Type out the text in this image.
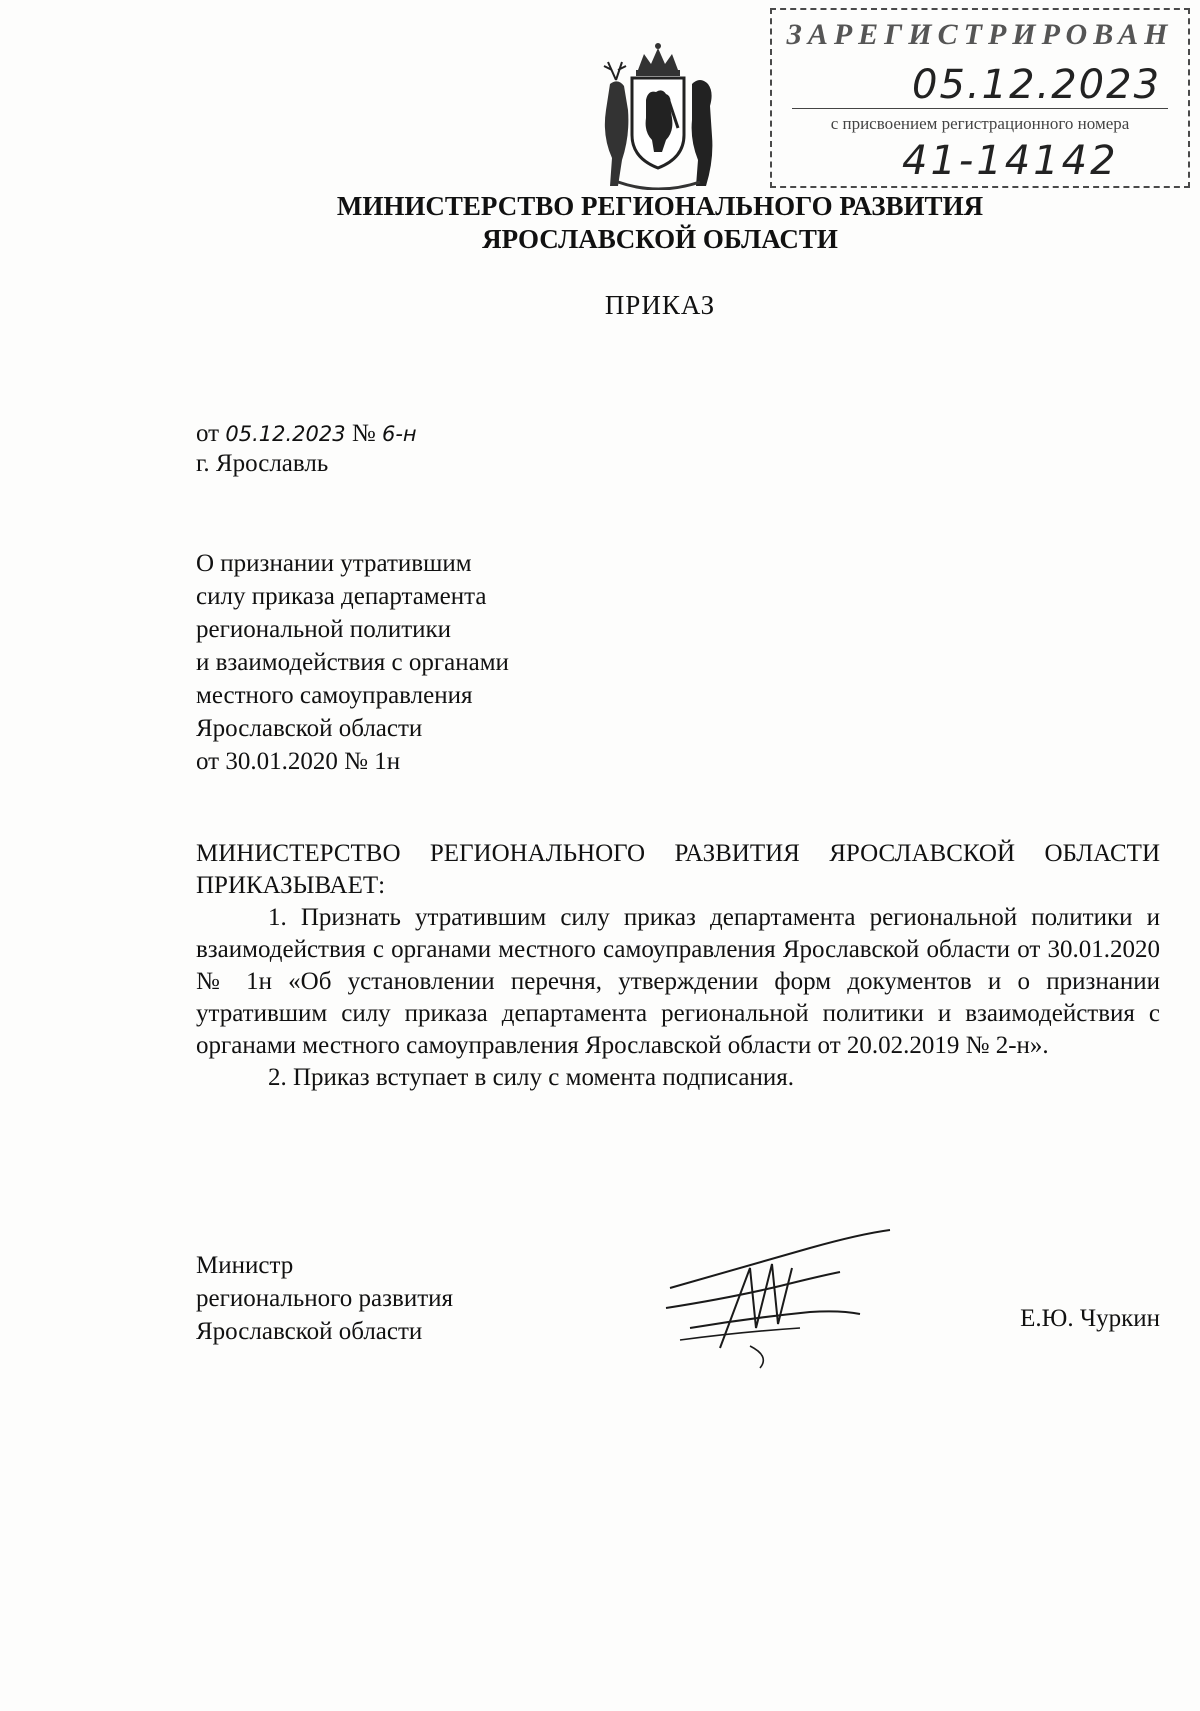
ЗАРЕГИСТРИРОВАН
05.12.2023
с присвоением регистрационного номера
41-14142
МИНИСТЕРСТВО РЕГИОНАЛЬНОГО РАЗВИТИЯ
ЯРОСЛАВСКОЙ ОБЛАСТИ
ПРИКАЗ
от 05.12.2023 № 6-н
г. Ярославль
О признании утратившим
силу приказа департамента
региональной политики
и взаимодействия с органами
местного самоуправления
Ярославской области
от 30.01.2020 № 1н

МИНИСТЕРСТВО РЕГИОНАЛЬНОГО РАЗВИТИЯ ЯРОСЛАВСКОЙ ОБЛАСТИ ПРИКАЗЫВАЕТ:

1. Признать утратившим силу приказ департамента региональной политики и взаимодействия с органами местного самоуправления Ярославской области от 30.01.2020 № 1н «Об установлении перечня, утверждении форм документов и о признании утратившим силу приказа департамента региональной политики и взаимодействия с органами местного самоуправления Ярославской области от 20.02.2019 № 2-н».

2. Приказ вступает в силу с момента подписания.

Министр
регионального развития
Ярославской области	Е.Ю. Чуркин
